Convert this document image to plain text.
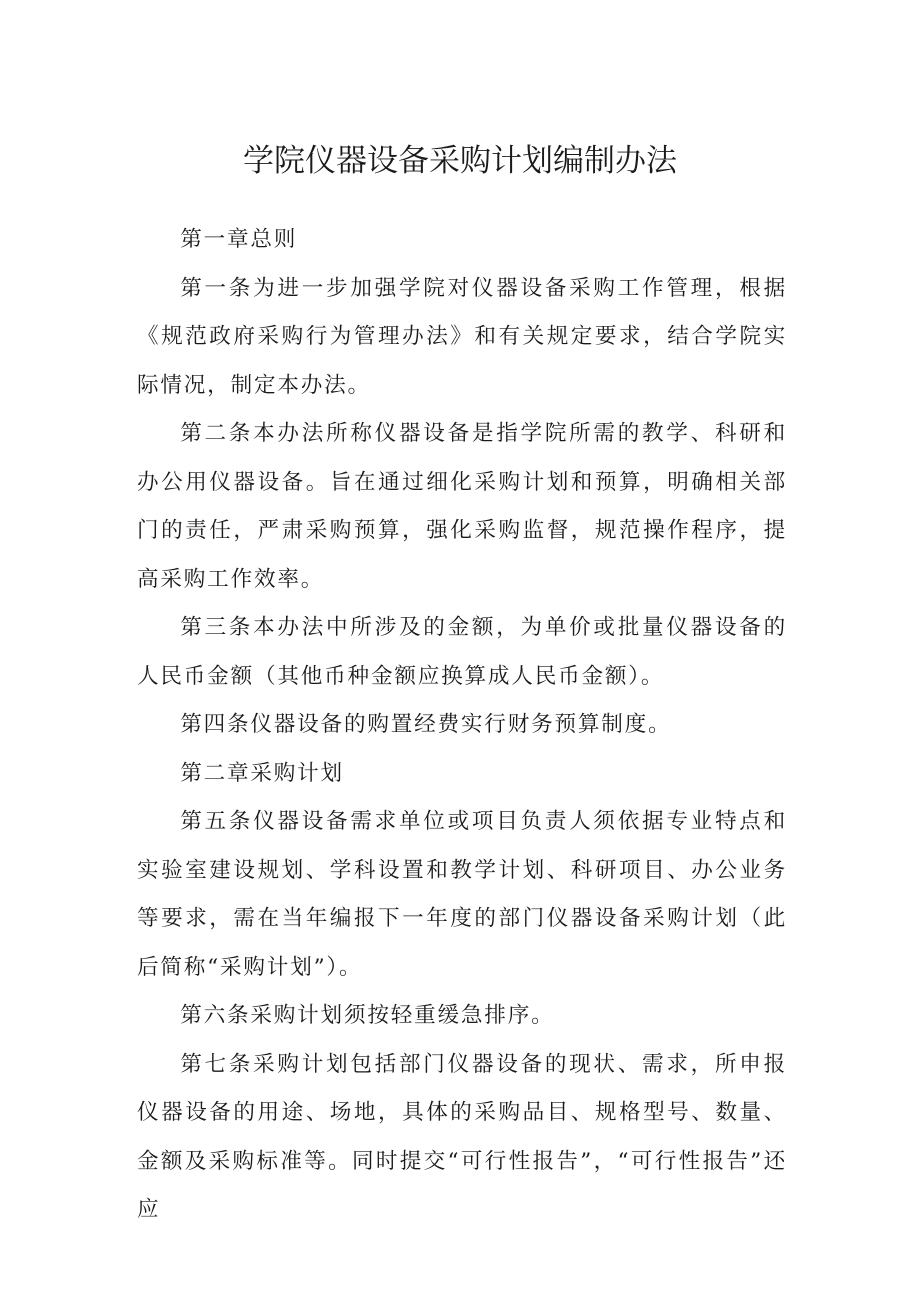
学院仪器设备采购计划编制办法

第一章总则

第一条为进一步加强学院对仪器设备采购工作管理，根据《规范政府采购行为管理办法》和有关规定要求，结合学院实际情况，制定本办法。

第二条本办法所称仪器设备是指学院所需的教学、科研和办公用仪器设备。旨在通过细化采购计划和预算，明确相关部门的责任，严肃采购预算，强化采购监督，规范操作程序，提高采购工作效率。

第三条本办法中所涉及的金额，为单价或批量仪器设备的人民币金额（其他币种金额应换算成人民币金额）。

第四条仪器设备的购置经费实行财务预算制度。

第二章采购计划

第五条仪器设备需求单位或项目负责人须依据专业特点和实验室建设规划、学科设置和教学计划、科研项目、办公业务等要求，需在当年编报下一年度的部门仪器设备采购计划（此后简称“采购计划”）。

第六条采购计划须按轻重缓急排序。

第七条采购计划包括部门仪器设备的现状、需求，所申报仪器设备的用途、场地，具体的采购品目、规格型号、数量、金额及采购标准等。同时提交“可行性报告”，“可行性报告”还应
